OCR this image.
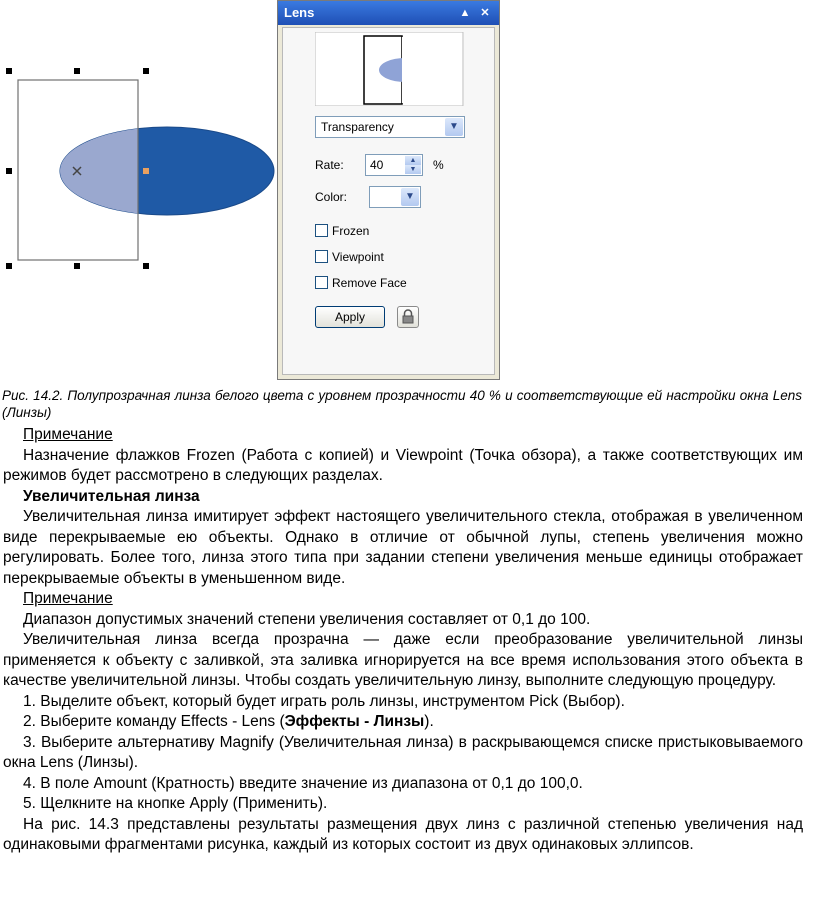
Lens	▲ ✕
Transparency	▼
Rate:	40	▲
▼	%
Color:	▼
Frozen
Viewpoint
Remove Face
Apply
Рис. 14.2. Полупрозрачная линза белого цвета с уровнем прозрачности 40 % и соответствующие ей настройки окна Lens (Линзы)

Примечание

Назначение флажков Frozen (Работа с копией) и Viewpoint (Точка обзора), а также соответствующих им режимов будет рассмотрено в следующих разделах.

Увеличительная линза

Увеличительная линза имитирует эффект настоящего увеличительного стекла, отображая в увеличенном виде перекрываемые ею объекты. Однако в отличие от обычной лупы, степень увеличения можно регулировать. Более того, линза этого типа при задании степени увеличения меньше единицы отображает перекрываемые объекты в уменьшенном виде.

Примечание

Диапазон допустимых значений степени увеличения составляет от 0,1 до 100.

Увеличительная линза всегда прозрачна — даже если преобразование увеличительной линзы применяется к объекту с заливкой, эта заливка игнорируется на все время использования этого объекта в качестве увеличительной линзы. Чтобы создать увеличительную линзу, выполните следующую процедуру.

1. Выделите объект, который будет играть роль линзы, инструментом Pick (Выбор).

2. Выберите команду Effects - Lens (Эффекты - Линзы).

3. Выберите альтернативу Magnify (Увеличительная линза) в раскрывающемся списке пристыковываемого окна Lens (Линзы).

4. В поле Amount (Кратность) введите значение из диапазона от 0,1 до 100,0.

5. Щелкните на кнопке Apply (Применить).

На рис. 14.3 представлены результаты размещения двух линз с различной степенью увеличения над одинаковыми фрагментами рисунка, каждый из которых состоит из двух одинаковых эллипсов.
